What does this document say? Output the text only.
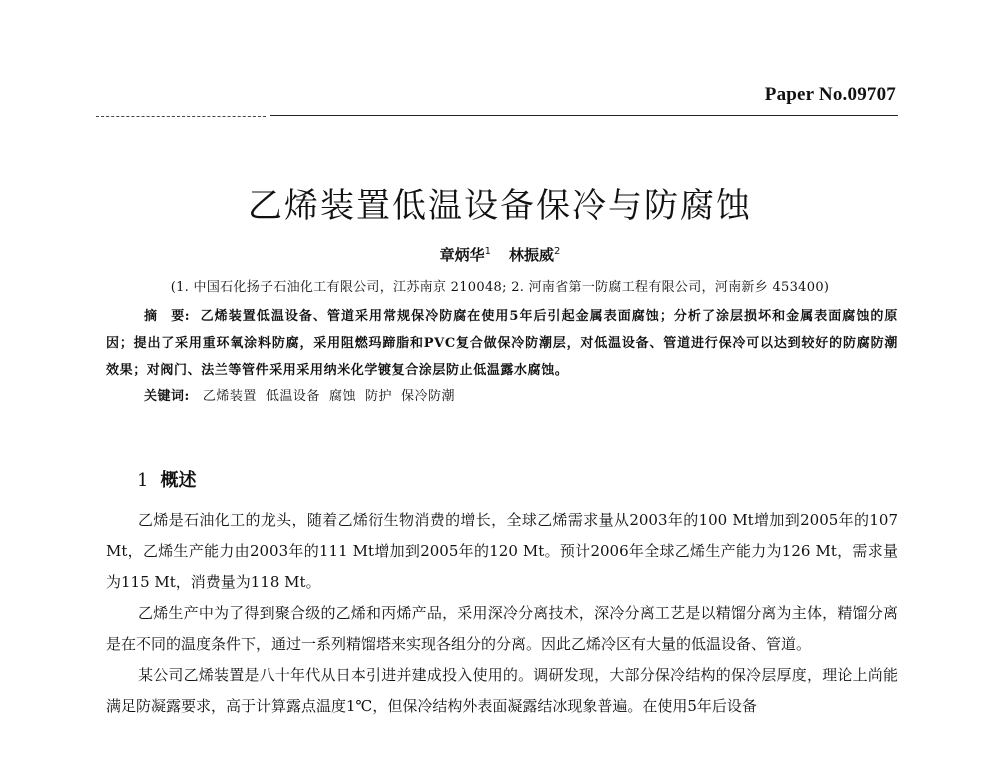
Paper No.09707
乙烯装置低温设备保冷与防腐蚀
章炳华$^1$ 林振威$^2$
(1. 中国石化扬子石油化工有限公司，江苏南京 210048; 2. 河南省第一防腐工程有限公司，河南新乡 453400)

摘　要: 乙烯装置低温设备、管道采用常规保冷防腐在使用5年后引起金属表面腐蚀；分析了涂层损坏和金属表面腐蚀的原因；提出了采用重环氧涂料防腐，采用阻燃玛蹄脂和PVC复合做保冷防潮层，对低温设备、管道进行保冷可以达到较好的防腐防潮效果；对阀门、法兰等管件采用采用纳米化学镀复合涂层防止低温露水腐蚀。

关键词: 乙烯装置 低温设备 腐蚀 防护 保冷防潮
1 概述

乙烯是石油化工的龙头，随着乙烯衍生物消费的增长，全球乙烯需求量从2003年的100 Mt增加到2005年的107 Mt，乙烯生产能力由2003年的111 Mt增加到2005年的120 Mt。预计2006年全球乙烯生产能力为126 Mt，需求量为115 Mt，消费量为118 Mt。

乙烯生产中为了得到聚合级的乙烯和丙烯产品，采用深冷分离技术，深冷分离工艺是以精馏分离为主体，精馏分离是在不同的温度条件下，通过一系列精馏塔来实现各组分的分离。因此乙烯冷区有大量的低温设备、管道。

某公司乙烯装置是八十年代从日本引进并建成投入使用的。调研发现，大部分保冷结构的保冷层厚度，理论上尚能满足防凝露要求，高于计算露点温度1℃，但保冷结构外表面凝露结冰现象普遍。在使用5年后设备
